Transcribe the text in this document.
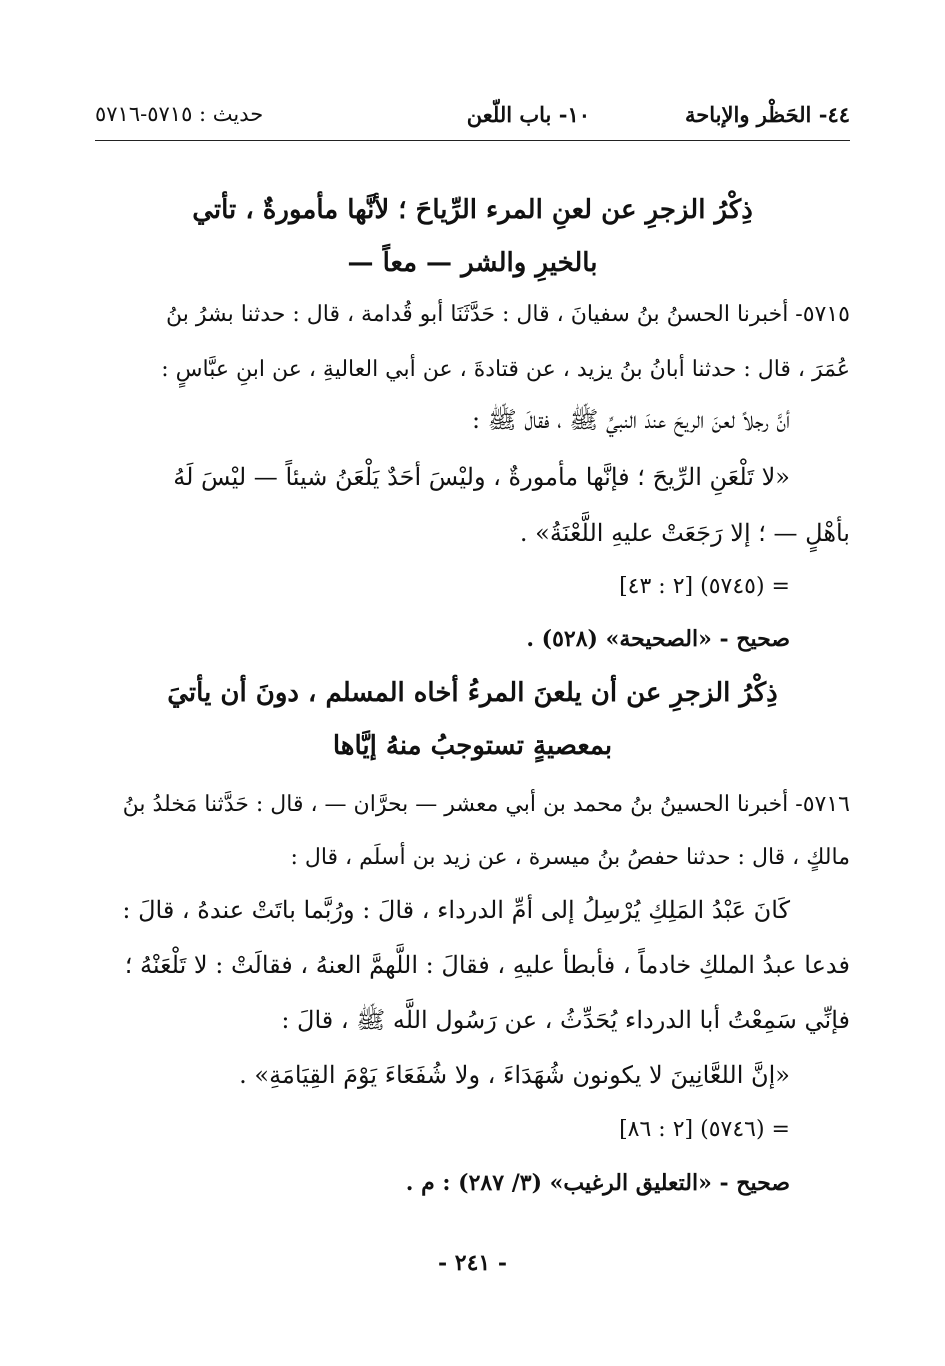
٤٤- الحَظْر والإباحة
١٠- باب اللّعن
حديث : ٥٧١٥-٥٧١٦
ذِكْرُ الزجرِ عن لعنِ المرء الرِّياحَ ؛ لأنَّها مأمورةٌ ، تأتي
بالخيرِ والشر — معاً —
٥٧١٥- أخبرنا الحسنُ بنُ سفيانَ ، قال : حَدَّثَنَا أبو قُدامة ، قال : حدثنا بشرُ بنُ
عُمَرَ ، قال : حدثنا أبانُ بنُ يزيد ، عن قتادةَ ، عن أبي العاليةِ ، عن ابنِ عبَّاسٍ :
أنَّ رجلاً لعنَ الريحَ عندَ النبيِّ ﷺ ، فقالَ ﷺ :
«لا تَلْعَنِ الرِّيحَ ؛ فإنَّها مأمورةٌ ، وليْسَ أحَدٌ يَلْعَنُ شيئاً — ليْسَ لَهُ
بأهْلٍ — ؛ إلا رَجَعَتْ عليهِ اللَّعْنَةُ» .
= (٥٧٤٥) [٢ : ٤٣]
صحيح - «الصحيحة» (٥٢٨) .
ذِكْرُ الزجرِ عن أن يلعنَ المرءُ أخاه المسلم ، دونَ أن يأتيَ
بمعصيةٍ تستوجبُ منهُ إيَّاها
٥٧١٦- أخبرنا الحسينُ بنُ محمد بن أبي معشر — بحرَّان — ، قال : حَدَّثنا مَخلدُ بنُ
مالكٍ ، قال : حدثنا حفصُ بنُ ميسرة ، عن زيد بن أسلَم ، قال :
كَانَ عَبْدُ المَلِكِ يُرْسِلُ إلى أمِّ الدرداء ، قالَ : ورُبَّما باتَتْ عندهُ ، قالَ :
فدعا عبدُ الملكِ خادماً ، فأبطأ عليهِ ، فقالَ : اللَّهمَّ العنهُ ، فقالَتْ : لا تَلْعَنْهُ ؛
فإنِّي سَمِعْتُ أبا الدرداء يُحَدِّثُ ، عن رَسُول اللَّه ﷺ ، قالَ :
«إنَّ اللعَّانِينَ لا يكونون شُهَدَاءَ ، ولا شُفَعَاءَ يَوْمَ القِيَامَةِ» .
= (٥٧٤٦) [٢ : ٨٦]
صحيح - «التعليق الرغيب» (٣/ ٢٨٧) : م .
- ٢٤١ -
